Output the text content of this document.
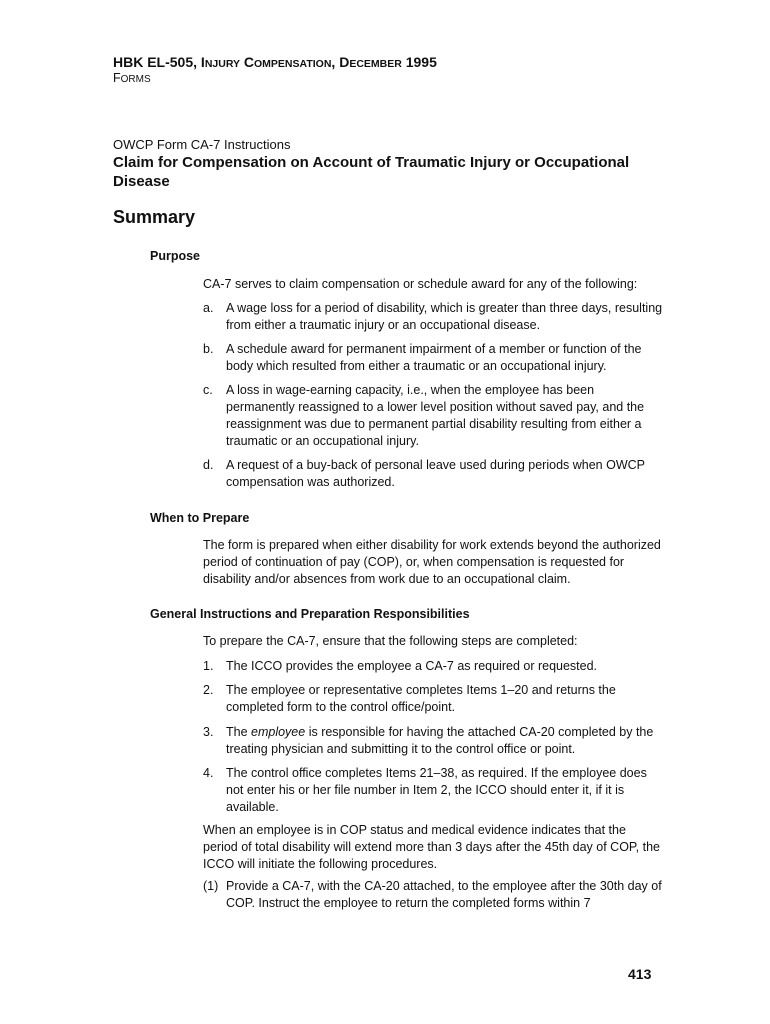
HBK EL-505, INJURY COMPENSATION, DECEMBER 1995
FORMS
OWCP Form CA-7 Instructions
Claim for Compensation on Account of Traumatic Injury or Occupational Disease
Summary
Purpose
CA-7 serves to claim compensation or schedule award for any of the following:
a. A wage loss for a period of disability, which is greater than three days, resulting from either a traumatic injury or an occupational disease.
b. A schedule award for permanent impairment of a member or function of the body which resulted from either a traumatic or an occupational injury.
c. A loss in wage-earning capacity, i.e., when the employee has been permanently reassigned to a lower level position without saved pay, and the reassignment was due to permanent partial disability resulting from either a traumatic or an occupational injury.
d. A request of a buy-back of personal leave used during periods when OWCP compensation was authorized.
When to Prepare
The form is prepared when either disability for work extends beyond the authorized period of continuation of pay (COP), or, when compensation is requested for disability and/or absences from work due to an occupational claim.
General Instructions and Preparation Responsibilities
To prepare the CA-7, ensure that the following steps are completed:
1. The ICCO provides the employee a CA-7 as required or requested.
2. The employee or representative completes Items 1–20 and returns the completed form to the control office/point.
3. The employee is responsible for having the attached CA-20 completed by the treating physician and submitting it to the control office or point.
4. The control office completes Items 21–38, as required. If the employee does not enter his or her file number in Item 2, the ICCO should enter it, if it is available.
When an employee is in COP status and medical evidence indicates that the period of total disability will extend more than 3 days after the 45th day of COP, the ICCO will initiate the following procedures.
(1) Provide a CA-7, with the CA-20 attached, to the employee after the 30th day of COP. Instruct the employee to return the completed forms within 7
413
